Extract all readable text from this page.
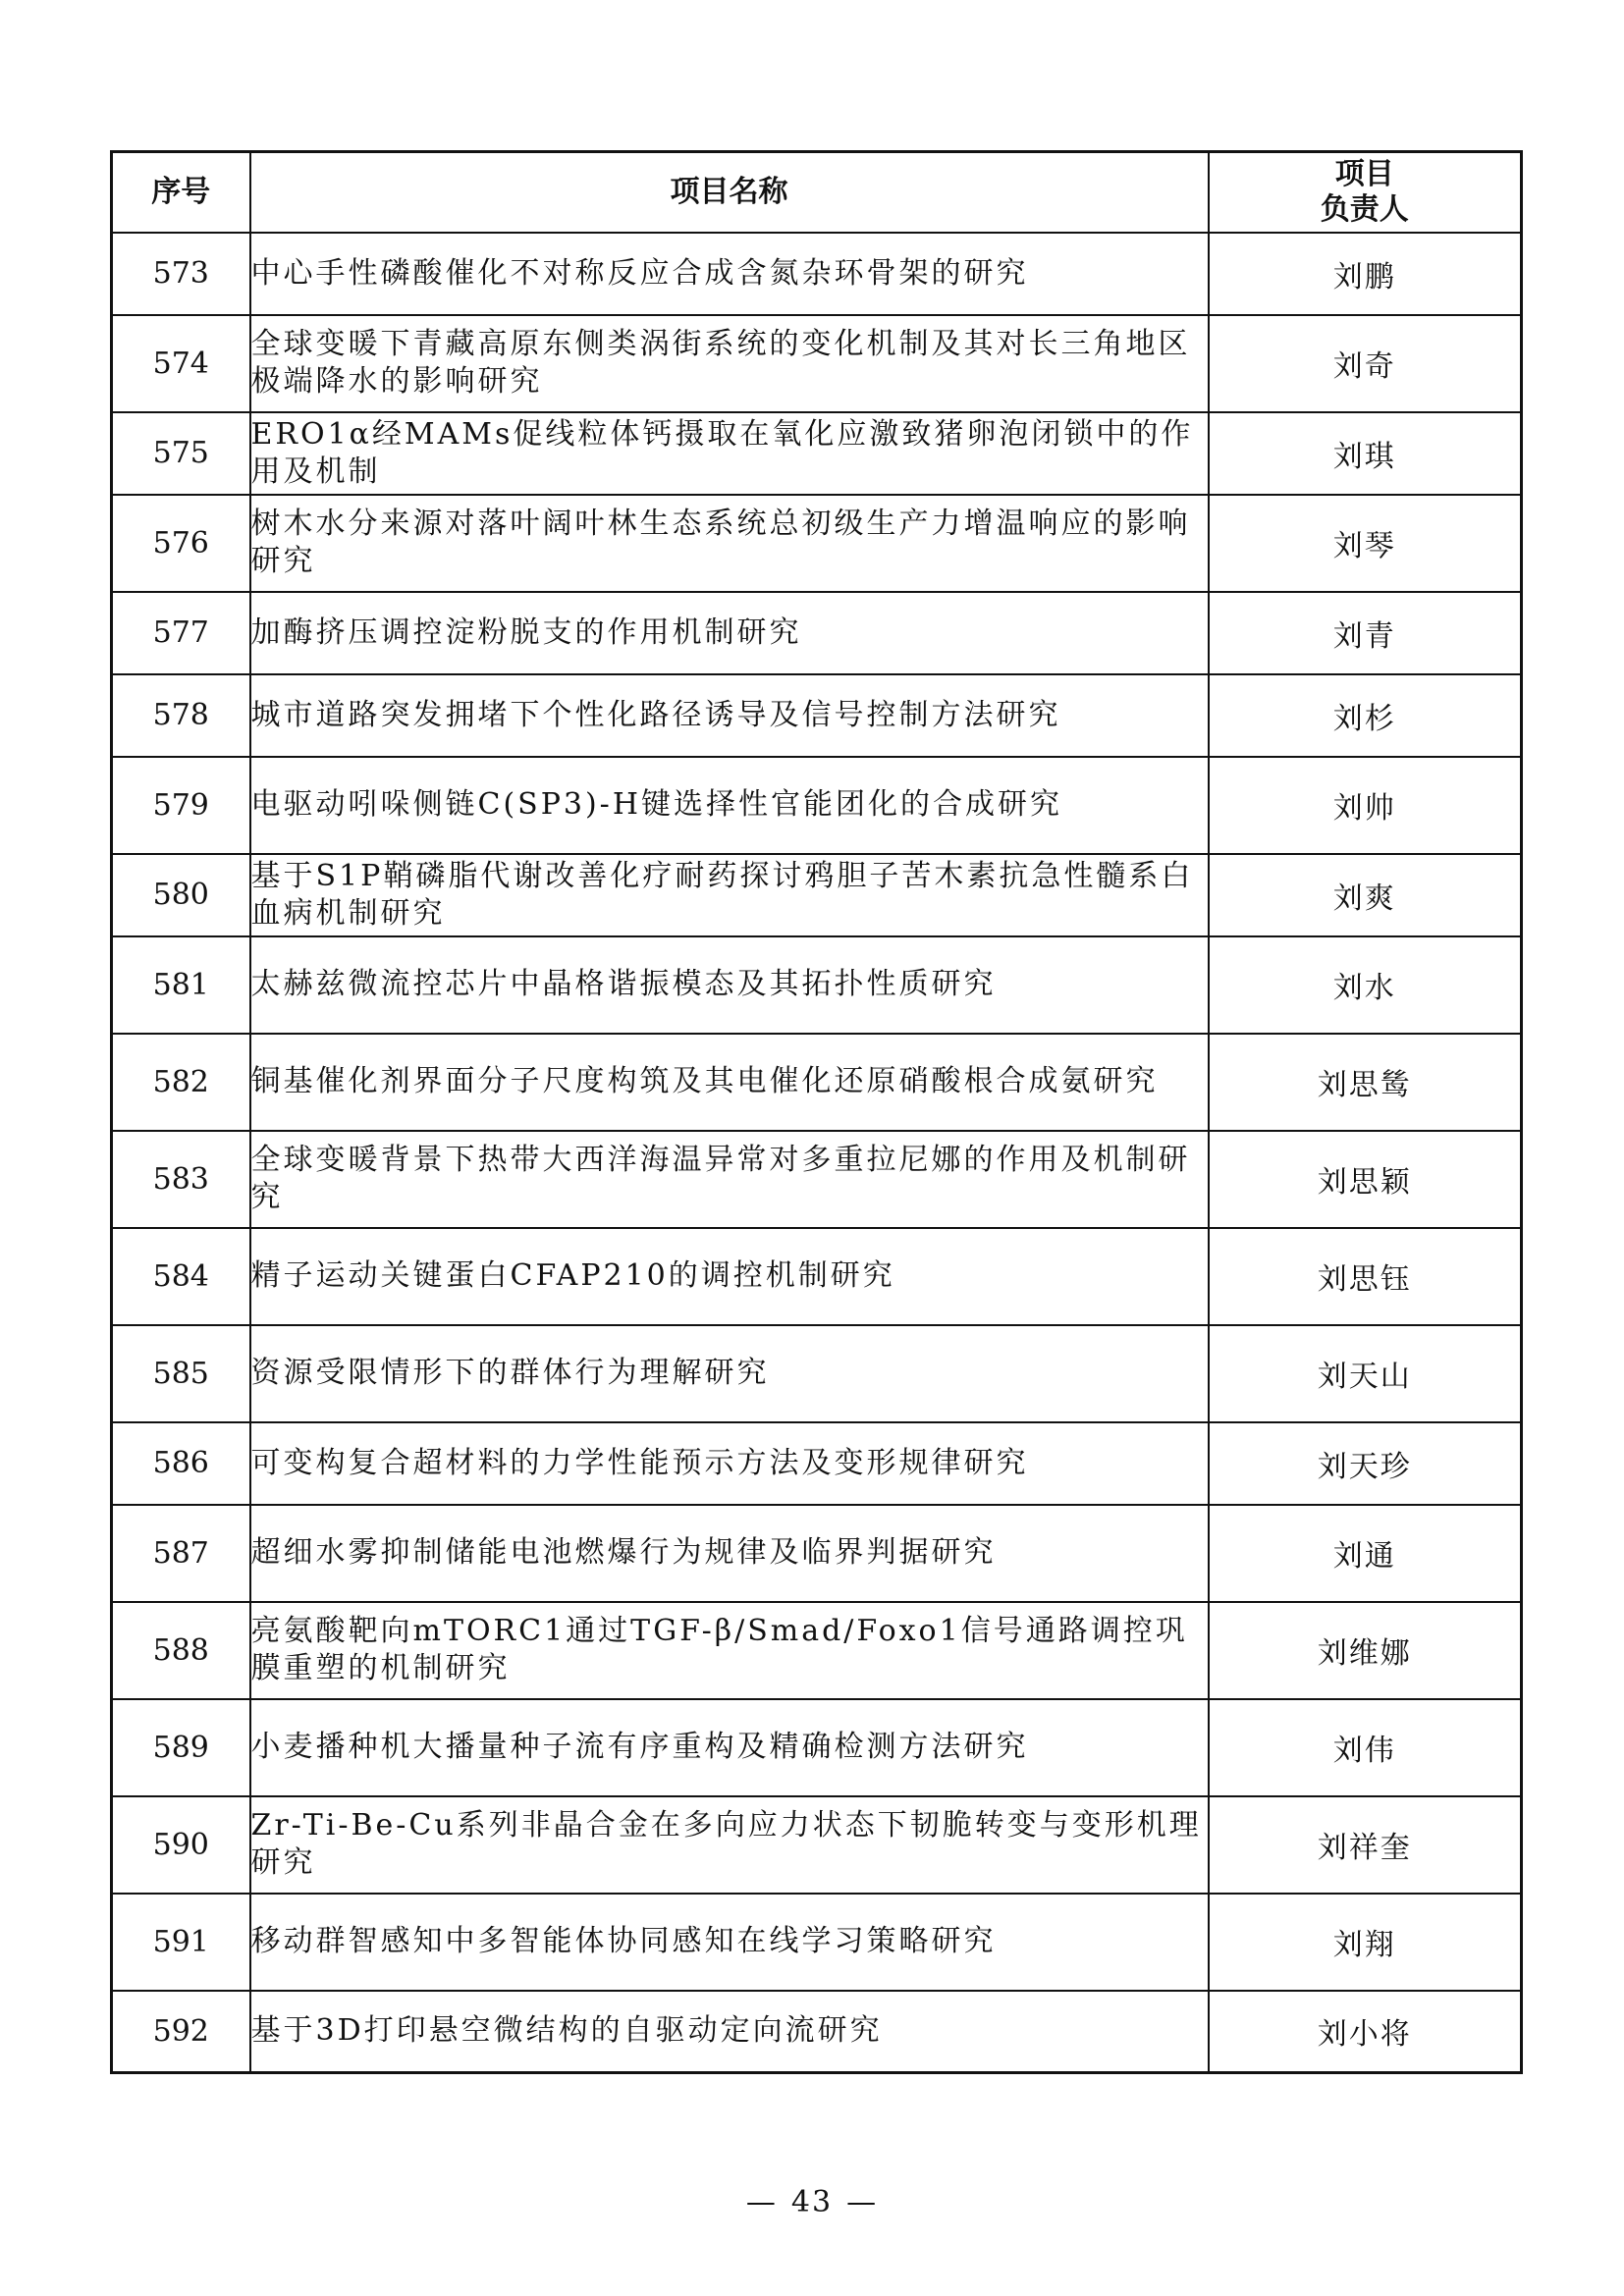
序号	项目名称	项目
负责人

573	中心手性磷酸催化不对称反应合成含氮杂环骨架的研究	刘鹏
574	全球变暖下青藏高原东侧类涡街系统的变化机制及其对长三角地区极端降水的影响研究	刘奇
575	ERO1α经MAMs促线粒体钙摄取在氧化应激致猪卵泡闭锁中的作用及机制	刘琪
576	树木水分来源对落叶阔叶林生态系统总初级生产力增温响应的影响研究	刘琴
577	加酶挤压调控淀粉脱支的作用机制研究	刘青
578	城市道路突发拥堵下个性化路径诱导及信号控制方法研究	刘杉
579	电驱动吲哚侧链C(SP3)-H键选择性官能团化的合成研究	刘帅
580	基于S1P鞘磷脂代谢改善化疗耐药探讨鸦胆子苦木素抗急性髓系白血病机制研究	刘爽
581	太赫兹微流控芯片中晶格谐振模态及其拓扑性质研究	刘水
582	铜基催化剂界面分子尺度构筑及其电催化还原硝酸根合成氨研究	刘思鸶
583	全球变暖背景下热带大西洋海温异常对多重拉尼娜的作用及机制研究	刘思颖
584	精子运动关键蛋白CFAP210的调控机制研究	刘思钰
585	资源受限情形下的群体行为理解研究	刘天山
586	可变构复合超材料的力学性能预示方法及变形规律研究	刘天珍
587	超细水雾抑制储能电池燃爆行为规律及临界判据研究	刘通
588	亮氨酸靶向mTORC1通过TGF-β/Smad/Foxo1信号通路调控巩膜重塑的机制研究	刘维娜
589	小麦播种机大播量种子流有序重构及精确检测方法研究	刘伟
590	Zr-Ti-Be-Cu系列非晶合金在多向应力状态下韧脆转变与变形机理研究	刘祥奎
591	移动群智感知中多智能体协同感知在线学习策略研究	刘翔
592	基于3D打印悬空微结构的自驱动定向流研究	刘小将
— 43 —
